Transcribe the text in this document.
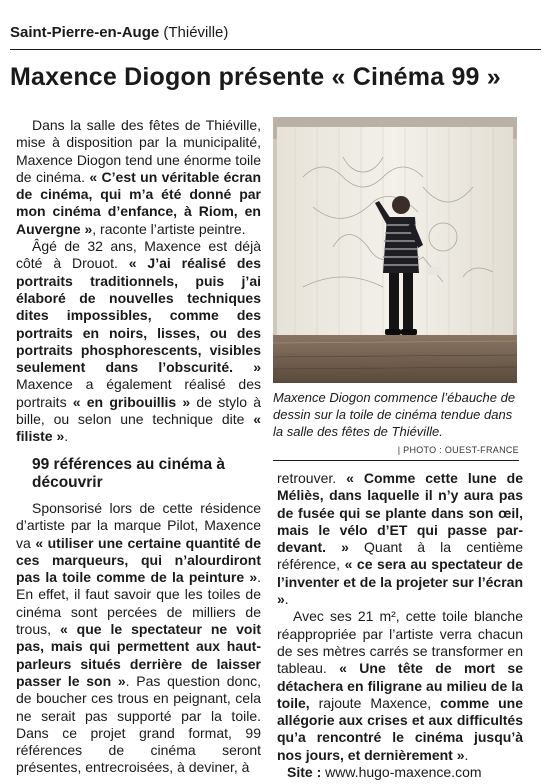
Saint-Pierre-en-Auge (Thiéville)
Maxence Diogon présente « Cinéma 99 »

Dans la salle des fêtes de Thiéville, mise à disposition par la municipalité, Maxence Diogon tend une énorme toile de cinéma. « C’est un véritable écran de cinéma, qui m’a été donné par mon cinéma d’enfance, à Riom, en Auvergne », raconte l’artiste peintre.

Âgé de 32 ans, Maxence est déjà côté à Drouot. « J’ai réalisé des portraits traditionnels, puis j’ai élaboré de nouvelles techniques dites impossibles, comme des portraits en noirs, lisses, ou des portraits phosphorescents, visibles seulement dans l’obscurité. » Maxence a également réalisé des portraits « en gribouillis » de stylo à bille, ou selon une technique dite « filiste ».

99 références au cinéma à découvrir

Sponsorisé lors de cette résidence d’artiste par la marque Pilot, Maxence va « utiliser une certaine quantité de ces marqueurs, qui n’alourdiront pas la toile comme de la peinture ». En effet, il faut savoir que les toiles de cinéma sont percées de milliers de trous, « que le spectateur ne voit pas, mais qui permettent aux haut-parleurs situés derrière de laisser passer le son ». Pas question donc, de boucher ces trous en peignant, cela ne serait pas supporté par la toile. Dans ce projet grand format, 99 références de cinéma seront présentes, entrecroisées, à deviner, à

Maxence Diogon commence l’ébauche de dessin sur la toile de cinéma tendue dans la salle des fêtes de Thiéville.
| PHOTO : OUEST-FRANCE

retrouver. « Comme cette lune de Méliès, dans laquelle il n’y aura pas de fusée qui se plante dans son œil, mais le vélo d’ET qui passe par-devant. » Quant à la centième référence, « ce sera au spectateur de l’inventer et de la projeter sur l’écran ».

Avec ses 21 m², cette toile blanche réappropriée par l’artiste verra chacun de ses mètres carrés se transformer en tableau. « Une tête de mort se détachera en filigrane au milieu de la toile, rajoute Maxence, comme une allégorie aux crises et aux difficultés qu’a rencontré le cinéma jusqu’à nos jours, et dernièrement ».

Site : www.hugo-maxence.com
